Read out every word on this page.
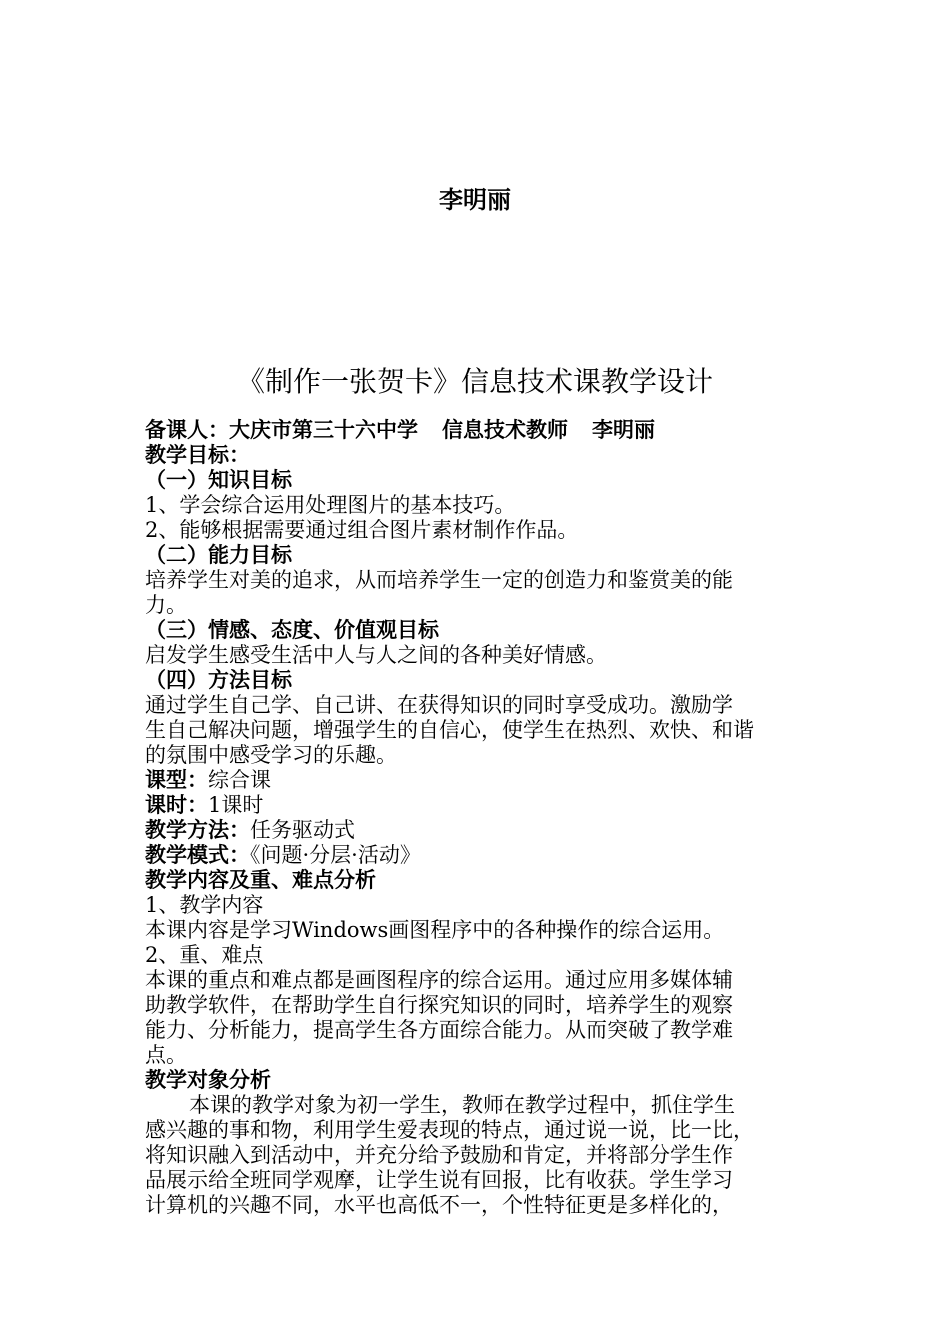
李明丽
《制作一张贺卡》信息技术课教学设计
备课人：大庆市第三十六中学 信息技术教师 李明丽
教学目标：
（一）知识目标
1、学会综合运用处理图片的基本技巧。
2、能够根据需要通过组合图片素材制作作品。
（二）能力目标
培养学生对美的追求，从而培养学生一定的创造力和鉴赏美的能
力。
（三）情感、态度、价值观目标
启发学生感受生活中人与人之间的各种美好情感。
（四）方法目标
通过学生自己学、自己讲、在获得知识的同时享受成功。激励学
生自己解决问题，增强学生的自信心，使学生在热烈、欢快、和谐
的氛围中感受学习的乐趣。
课型：综合课
课时：1课时
教学方法：任务驱动式
教学模式：《问题·分层·活动》
教学内容及重、难点分析
1、教学内容
本课内容是学习Windows画图程序中的各种操作的综合运用。
2、重、难点
本课的重点和难点都是画图程序的综合运用。通过应用多媒体辅
助教学软件，在帮助学生自行探究知识的同时，培养学生的观察
能力、分析能力，提高学生各方面综合能力。从而突破了教学难
点。
教学对象分析
本课的教学对象为初一学生，教师在教学过程中，抓住学生
感兴趣的事和物，利用学生爱表现的特点，通过说一说，比一比，
将知识融入到活动中，并充分给予鼓励和肯定，并将部分学生作
品展示给全班同学观摩，让学生说有回报，比有收获。学生学习
计算机的兴趣不同，水平也高低不一，个性特征更是多样化的，
